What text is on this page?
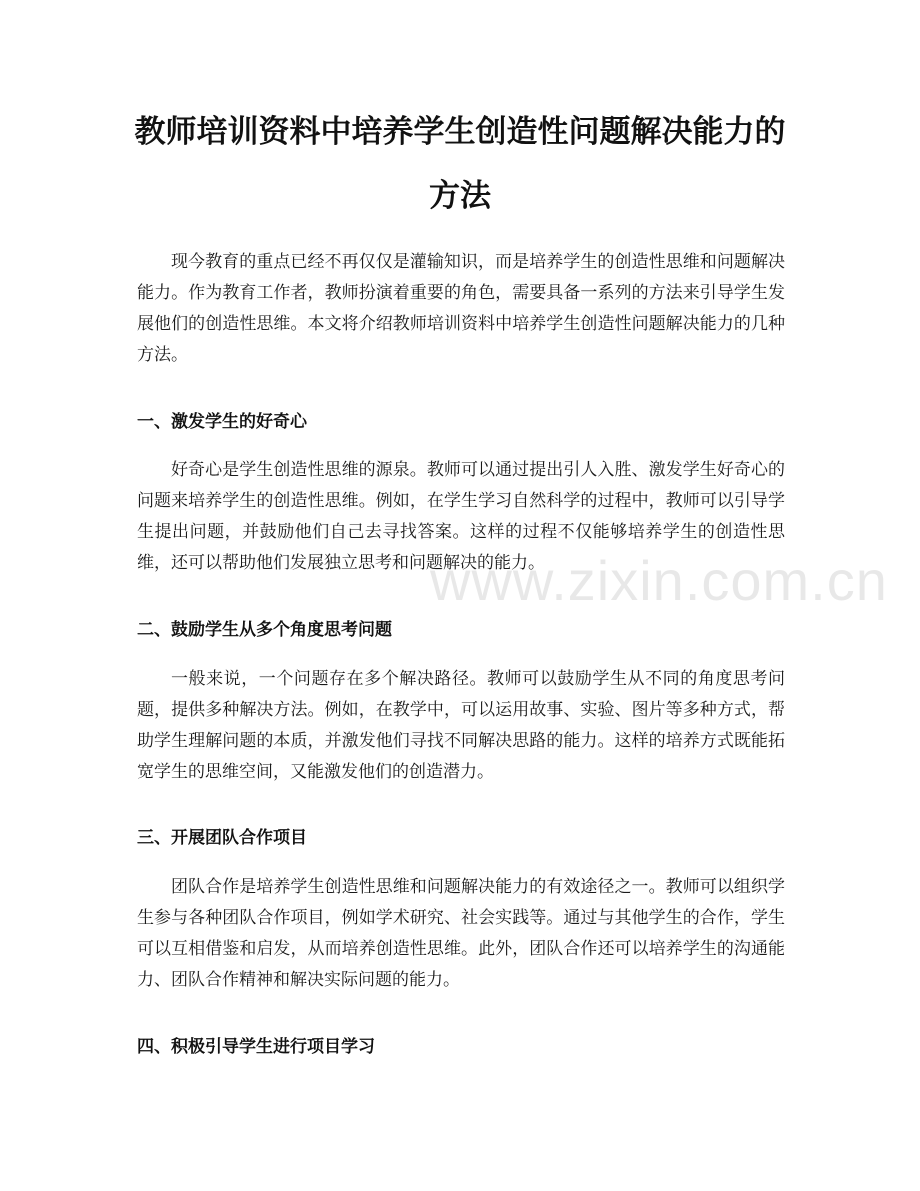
教师培训资料中培养学生创造性问题解决能力的方法

现今教育的重点已经不再仅仅是灌输知识，而是培养学生的创造性思维和问题解决能力。作为教育工作者，教师扮演着重要的角色，需要具备一系列的方法来引导学生发展他们的创造性思维。本文将介绍教师培训资料中培养学生创造性问题解决能力的几种方法。

一、激发学生的好奇心

好奇心是学生创造性思维的源泉。教师可以通过提出引人入胜、激发学生好奇心的问题来培养学生的创造性思维。例如，在学生学习自然科学的过程中，教师可以引导学生提出问题，并鼓励他们自己去寻找答案。这样的过程不仅能够培养学生的创造性思维，还可以帮助他们发展独立思考和问题解决的能力。

二、鼓励学生从多个角度思考问题

一般来说，一个问题存在多个解决路径。教师可以鼓励学生从不同的角度思考问题，提供多种解决方法。例如，在教学中，可以运用故事、实验、图片等多种方式，帮助学生理解问题的本质，并激发他们寻找不同解决思路的能力。这样的培养方式既能拓宽学生的思维空间，又能激发他们的创造潜力。

三、开展团队合作项目

团队合作是培养学生创造性思维和问题解决能力的有效途径之一。教师可以组织学生参与各种团队合作项目，例如学术研究、社会实践等。通过与其他学生的合作，学生可以互相借鉴和启发，从而培养创造性思维。此外，团队合作还可以培养学生的沟通能力、团队合作精神和解决实际问题的能力。

四、积极引导学生进行项目学习
www.zixin.com.cn
